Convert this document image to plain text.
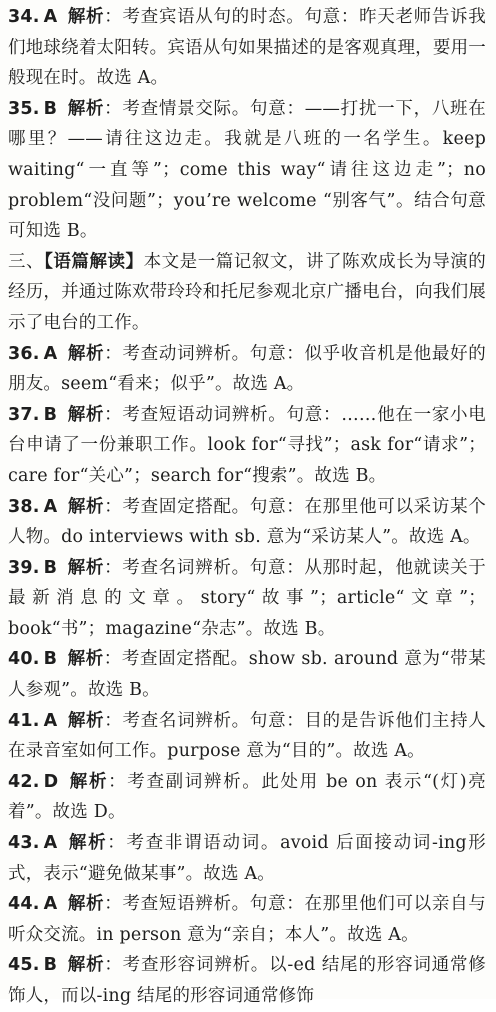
34. A 解析：考查宾语从句的时态。句意：昨天老师告诉我们地球绕着太阳转。宾语从句如果描述的是客观真理，要用一般现在时。故选 A。
35. B 解析：考查情景交际。句意：——打扰一下，八班在哪里？——请往这边走。我就是八班的一名学生。keep waiting“一直等”；come this way“请往这边走”；no problem“没问题”；you’re welcome “别客气”。结合句意可知选 B。
三、【语篇解读】本文是一篇记叙文，讲了陈欢成长为导演的经历，并通过陈欢带玲玲和托尼参观北京广播电台，向我们展示了电台的工作。
36. A 解析：考查动词辨析。句意：似乎收音机是他最好的朋友。seem“看来；似乎”。故选 A。
37. B 解析：考查短语动词辨析。句意：……他在一家小电台申请了一份兼职工作。look for“寻找”；ask for“请求”；care for“关心”；search for“搜索”。故选 B。
38. A 解析：考查固定搭配。句意：在那里他可以采访某个人物。do interviews with sb. 意为“采访某人”。故选 A。
39. B 解析：考查名词辨析。句意：从那时起，他就读关于最新消息的文章。story“故事”；article“文章”；book“书”；magazine“杂志”。故选 B。
40. B 解析：考查固定搭配。show sb. around 意为“带某人参观”。故选 B。
41. A 解析：考查名词辨析。句意：目的是告诉他们主持人在录音室如何工作。purpose 意为“目的”。故选 A。
42. D 解析：考查副词辨析。此处用 be on 表示“(灯)亮着”。故选 D。
43. A 解析：考查非谓语动词。avoid 后面接动词-ing形式，表示“避免做某事”。故选 A。
44. A 解析：考查短语辨析。句意：在那里他们可以亲自与听众交流。in person 意为“亲自；本人”。故选 A。
45. B 解析：考查形容词辨析。以-ed 结尾的形容词通常修饰人，而以-ing 结尾的形容词通常修饰
